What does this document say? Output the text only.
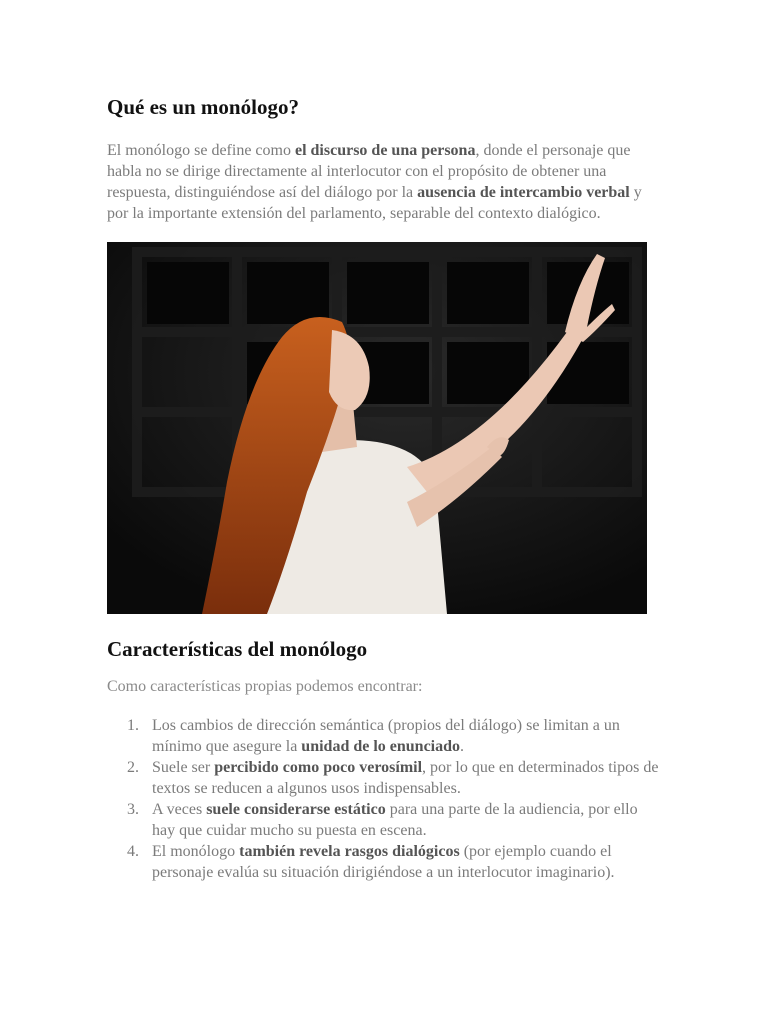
Qué es un monólogo?

El monólogo se define como el discurso de una persona, donde el personaje que habla no se dirige directamente al interlocutor con el propósito de obtener una respuesta, distinguiéndose así del diálogo por la ausencia de intercambio verbal y por la importante extensión del parlamento, separable del contexto dialógico.

Características del monólogo

Como características propias podemos encontrar:

1. Los cambios de dirección semántica (propios del diálogo) se limitan a un mínimo que asegure la unidad de lo enunciado.
2. Suele ser percibido como poco verosímil, por lo que en determinados tipos de textos se reducen a algunos usos indispensables.
3. A veces suele considerarse estático para una parte de la audiencia, por ello hay que cuidar mucho su puesta en escena.
4. El monólogo también revela rasgos dialógicos (por ejemplo cuando el personaje evalúa su situación dirigiéndose a un interlocutor imaginario).
